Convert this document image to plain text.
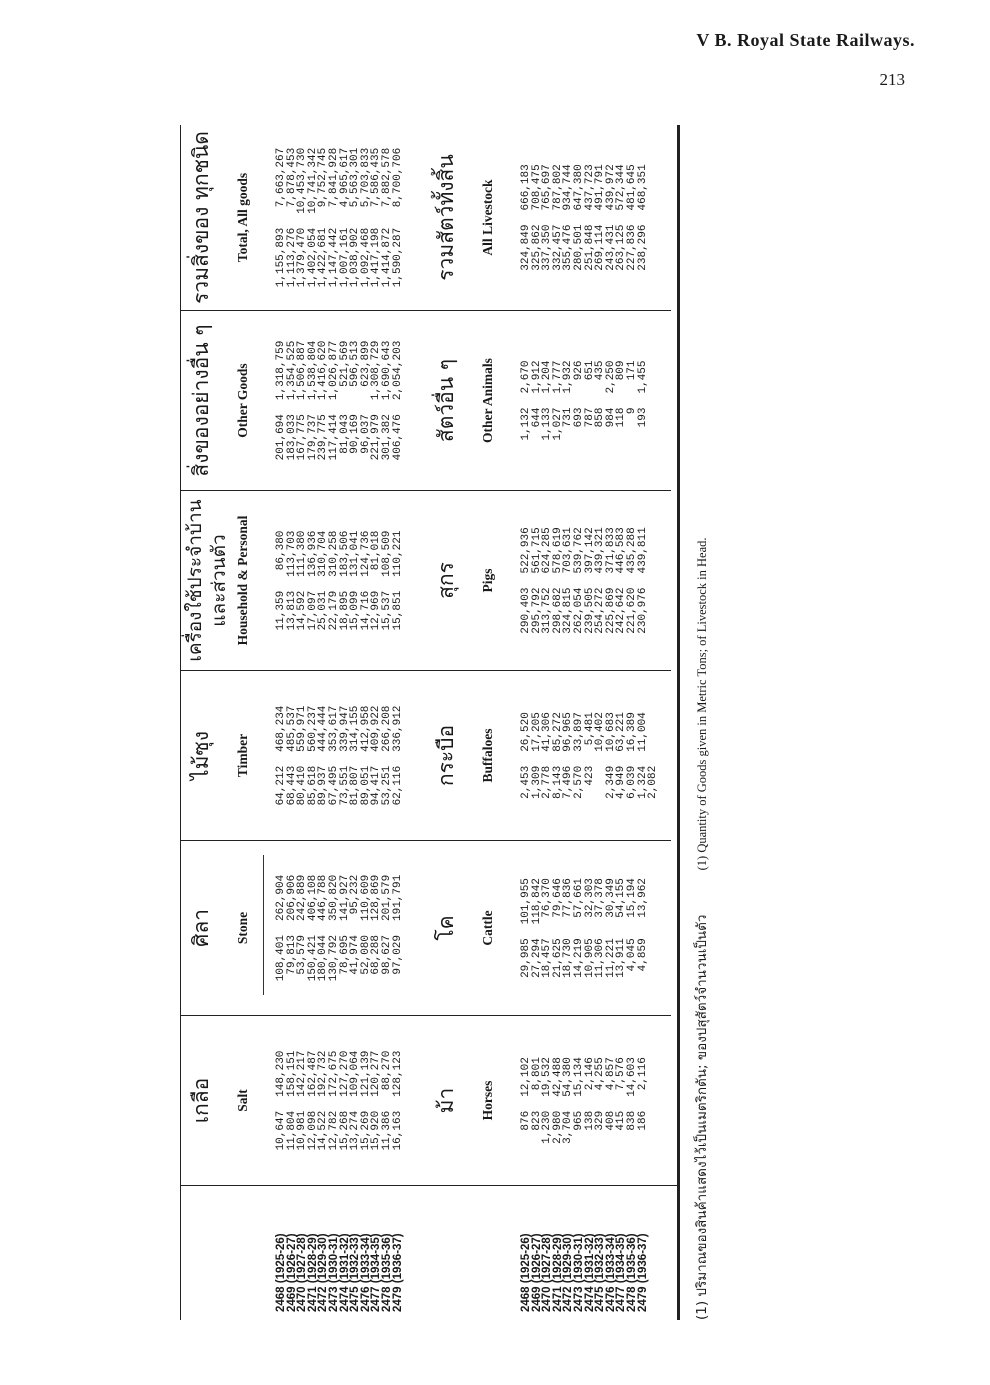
V B. Royal State Railways.
213
2468 (1925-26)
2469 (1926-27)
2470 (1927-28)
2471 (1928-29)
2472 (1929-30)
2473 (1930-31)
2474 (1931-32)
2475 (1932-33)
2476 (1933-34)
2477 (1934-35)
2478 (1935-36)
2479 (1936-37)
2468 (1925-26)
2469 (1926-27)
2470 (1927-28)
2471 (1928-29)
2472 (1929-30)
2473 (1930-31)
2474 (1931-32)
2475 (1932-33)
2476 (1933-34)
2477 (1934-35)
2478 (1935-36)
2479 (1936-37)
เกลือ Salt
10,647
11,804
10,981
12,098
14,522
12,782
15,268
13,274
15,269
15,920
11,386
16,163
148,230
158,151
142,217
162,487
192,732
172,675
127,270
109,064
121,139
120,277
88,270
128,123
ศิลา Stone
108,401
79,813
53,579
150,421
180,044
130,792
78,695
41,974
52,080
68,288
98,627
97,029
262,904
206,906
242,889
406,108
446,788
350,820
141,927
95,232
110,609
128,869
201,579
191,791
ไม้ซุง Timber
64,212
68,443
80,410
85,618
89,937
67,495
73,551
81,807
89,051
94,417
53,251
62,116
468,234
485,537
559,971
560,237
444,444
353,617
339,947
314,155
412,958
409,922
266,208
336,912
เครื่องใช้ประจำบ้าน
และส่วนตัว Household & Personal 11,359
13,813
14,592
17,097
25,031
22,179
18,895
15,099
14,716
12,969
15,537
15,851
86,380
113,703
111,380
136,936
310,704
310,258
183,506
131,041
124,736
81,018
108,509
110,221
สิ่งของอย่างอื่น ๆ Other Goods 201,694
183,033
167,775
179,737
239,775
117,414
81,043
90,169
96,037
221,979
301,382
406,476
1,318,759
1,354,525
1,506,887
1,538,804
1,416,620
1,026,877
521,569
596,513
623,899
1,308,729
1,690,643
2,054,203
รวมสิ่งของ ทุกชนิด Total, All goods 1,155,893
1,113,276
1,379,470
1,402,054
1,422,681
1,147,442
1,007,161
1,038,902
1,092,468
1,417,198
1,414,872
1,590,287
7,663,267
7,878,453
10,453,730
10,741,342
9,752,745
7,841,928
4,965,617
5,563,301
5,703,833
7,586,435
7,882,578
8,700,706
ม้า Horses
876
823
1,230
2,980
3,704
965
138
329
408
415
838
186
12,102
8,801
19,532
42,488
54,380
15,134
2,146
4,255
4,857
7,576
14,603
2,116
โค Cattle
29,985
27,294
18,457
21,625
18,730
14,219
10,905
11,306
11,221
13,911
4,045
4,859
101,955
118,842
76,370
79,646
77,836
57,661
32,303
37,378
30,349
54,155
15,194
13,962
กระบือ Buffaloes 2,453
1,309
2,778
8,143
7,496
2,570
423

2,349
4,949
6,039
1,324
2,082
26,520
17,205
41,306
85,272
96,965
33,897
5,481
10,402
10,683
63,221
16,389
11,004
สุกร Pigs
290,403
295,792
313,752
298,682
324,815
262,054
239,505
254,272
225,869
242,642
221,620
230,976
522,936
561,715
624,285
578,619
703,631
539,762
397,142
439,321
371,833
446,583
435,288
439,811
สัตว์อื่น ๆ Other Animals 1,132
644
1,133
1,027
731
693
787
858
984
118
9
193
2,670
1,912
1,204
1,777
1,932
926
651
435
2,250
809
171
1,455
รวมสัตว์ทั้งสิ้น All Livestock 324,849
325,862
337,350
332,457
355,476
280,501
251,848
269,114
243,431
263,125
227,836
238,296
666,183
708,475
765,697
787,802
934,744
647,380
437,723
491,791
439,972
572,344
481,645
468,351
(1) ปริมาณของสินค้าแสดงไว้เป็นเมตริกตัน; ของปสุสัตว์จำนวนเป็นตัว (1) Quantity of Goods given in Metric Tons; of Livestock in Head.
